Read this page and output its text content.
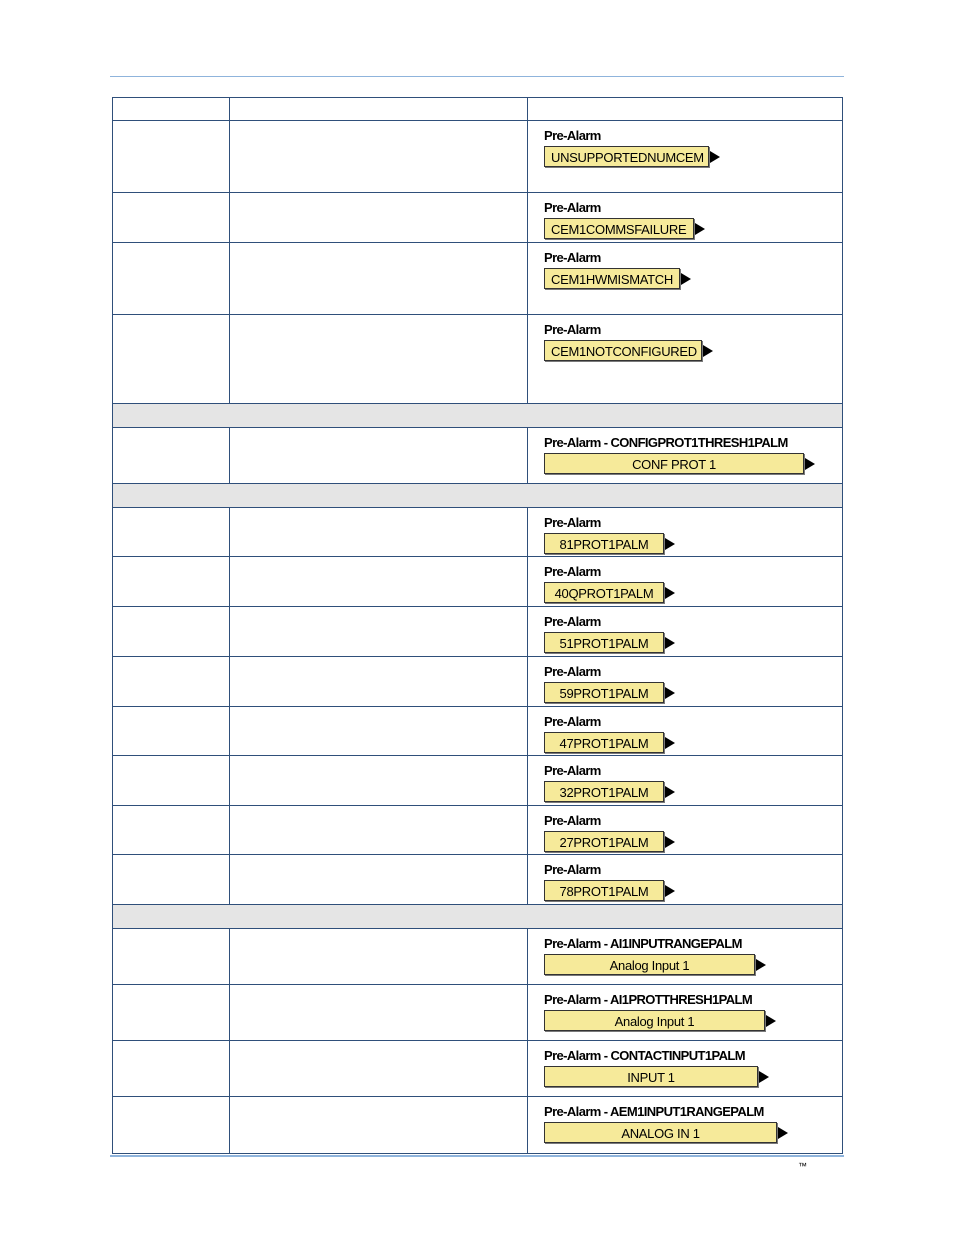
		Pre-Alarm
UNSUPPORTEDNUMCEM

		Pre-Alarm
CEM1COMMSFAILURE

		Pre-Alarm
CEM1HWMISMATCH

		Pre-Alarm
CEM1NOTCONFIGURED

		Pre-Alarm - CONFIGPROT1THRESH1PALM
CONF PROT 1

		Pre-Alarm
81PROT1PALM

		Pre-Alarm
40QPROT1PALM

		Pre-Alarm
51PROT1PALM

		Pre-Alarm
59PROT1PALM

		Pre-Alarm
47PROT1PALM

		Pre-Alarm
32PROT1PALM

		Pre-Alarm
27PROT1PALM

		Pre-Alarm
78PROT1PALM

		Pre-Alarm - AI1INPUTRANGEPALM
Analog Input 1

		Pre-Alarm - AI1PROTTHRESH1PALM
Analog Input 1

		Pre-Alarm - CONTACTINPUT1PALM
INPUT 1

		Pre-Alarm - AEM1INPUT1RANGEPALM
ANALOG IN 1
™
